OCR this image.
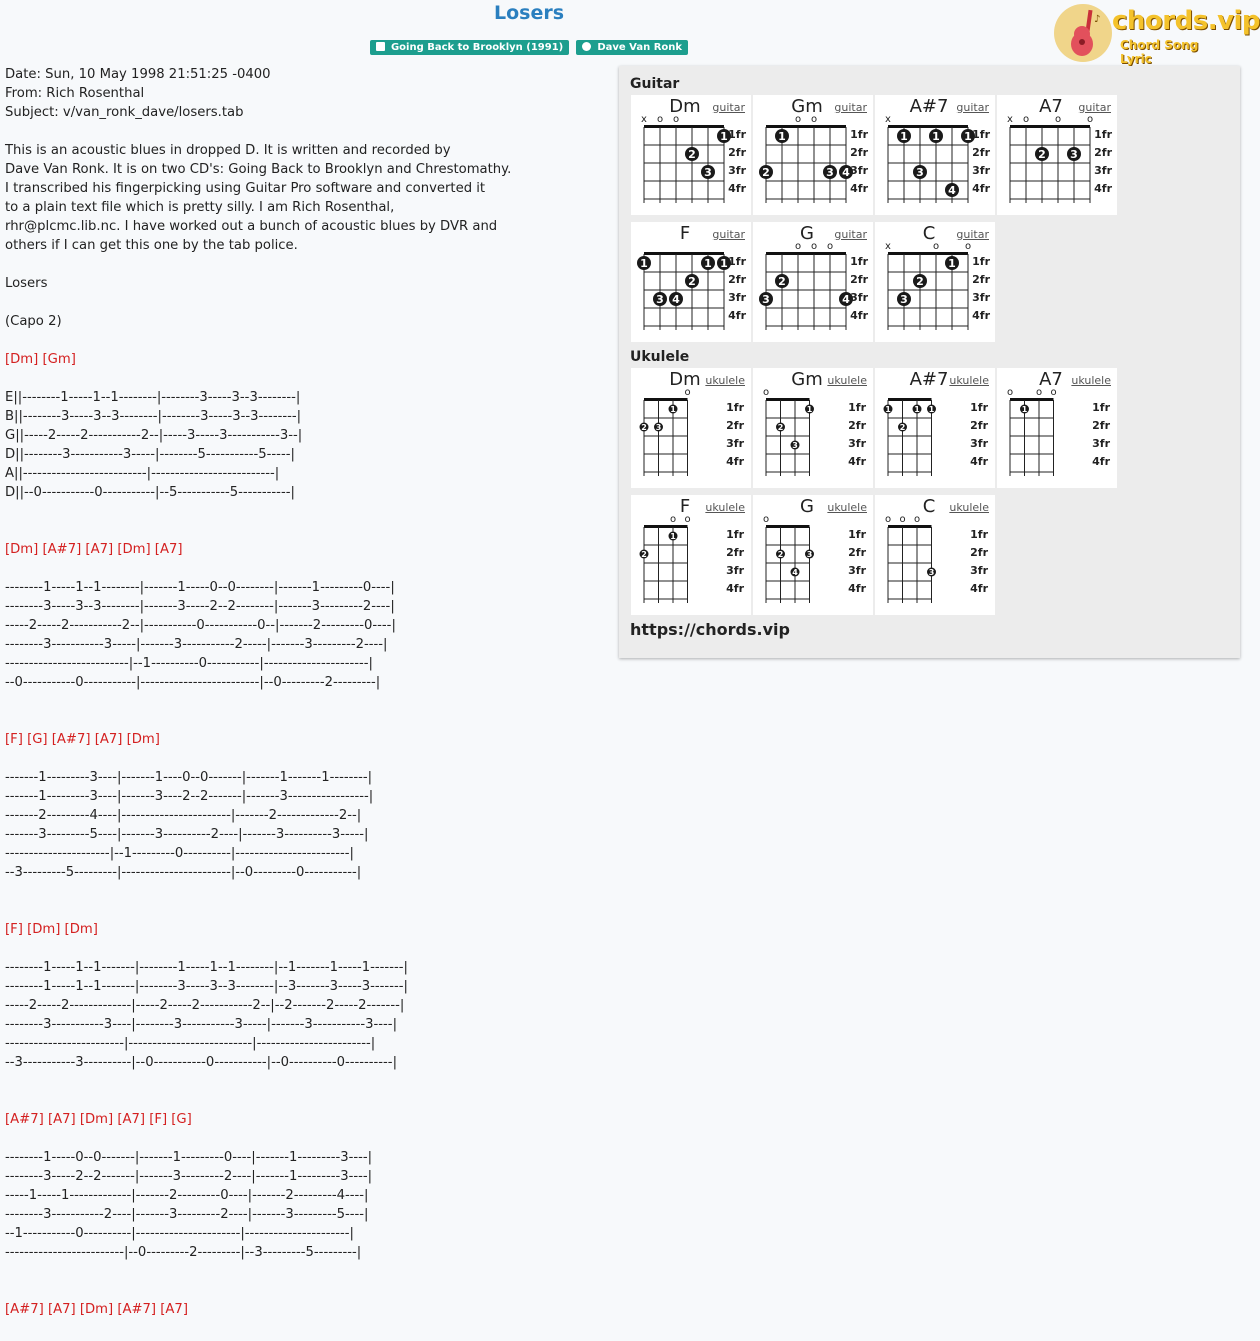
Losers
Going Back to Brooklyn (1991)	Dave Van Ronk
♪ chords.vip
Chord Song Lyric
Date: Sun, 10 May 1998 21:51:25 -0400
From: Rich Rosenthal
Subject: v/van_ronk_dave/losers.tab
This is an acoustic blues in dropped D. It is written and recorded by
Dave Van Ronk. It is on two CD's: Going Back to Brooklyn and Chrestomathy.
I transcribed his fingerpicking using Guitar Pro software and converted it
to a plain text file which is pretty silly. I am Rich Rosenthal,
rhr@plcmc.lib.nc. I have worked out a bunch of acoustic blues by DVR and
others if I can get this one by the tab police.
Losers
(Capo 2)
[Dm] [Gm]
E||--------1-----1--1--------|--------3-----3--3--------|
B||--------3-----3--3--------|--------3-----3--3--------|
G||-----2-----2-----------2--|-----3-----3-----------3--|
D||--------3-----------3-----|--------5-----------5-----|
A||--------------------------|--------------------------|
D||--0-----------0-----------|--5-----------5-----------|
[Dm] [A#7] [A7] [Dm] [A7]
--------1-----1--1--------|-------1-----0--0--------|-------1---------0----|
--------3-----3--3--------|-------3-----2--2--------|-------3---------2----|
-----2-----2-----------2--|-----------0-----------0--|-------2---------0----|
--------3-----------3-----|-------3-----------2-----|-------3---------2----|
--------------------------|--1----------0-----------|----------------------|
--0-----------0-----------|-------------------------|--0---------2---------|
[F] [G] [A#7] [A7] [Dm]
-------1---------3----|-------1----0--0-------|-------1-------1--------|
-------1---------3----|-------3----2--2-------|-------3-----------------|
-------2---------4----|-----------------------|-------2-------------2--|
-------3---------5----|-------3----------2----|-------3----------3-----|
----------------------|--1---------0----------|------------------------|
--3---------5---------|-----------------------|--0---------0-----------|
[F] [Dm] [Dm]
--------1-----1--1-------|--------1-----1--1--------|--1-------1-----1-------|
--------1-----1--1-------|--------3-----3--3--------|--3-------3-----3-------|
-----2-----2-------------|-----2-----2-----------2--|--2-------2-----2-------|
--------3-----------3----|--------3-----------3-----|-------3-----------3----|
-------------------------|--------------------------|------------------------|
--3-----------3----------|--0-----------0-----------|--0----------0----------|
[A#7] [A7] [Dm] [A7] [F] [G]
--------1-----0--0-------|-------1---------0----|-------1---------3----|
--------3-----2--2-------|-------3---------2----|-------1---------3----|
-----1-----1-------------|-------2---------0----|-------2---------4----|
--------3-----------2----|-------3---------2----|-------3---------5----|
--1-----------0----------|----------------------|----------------------|
-------------------------|--0---------2---------|--3---------5---------|
[A#7] [A7] [Dm] [A#7] [A7]
Guitar
Ukulele
x o o
1
2
3
1fr
2fr
3fr
4fr
Dm	guitar
o o
1
2	3 4
1fr
2fr
3fr
4fr
Gm	guitar
x
1 1 1
3
4
1fr
2fr
3fr
4fr
A#7 guitar
x o	o	o
2 3
1fr
2fr
3fr
4fr
A7	guitar
1	1 1
2
3 4
1fr
2fr
3fr
4fr
F	guitar
o o o
2
3	4
1fr
2fr
3fr
4fr
G	guitar
x	o	o
1
2
3
1fr
2fr
3fr
4fr
C	guitar
o
1
2 3
1fr
2fr
3fr
4fr
Dm ukulele
o
1
2
3
1fr
2fr
3fr
4fr
Gm ukulele
1	1 1
2
1fr
2fr
3fr
4fr
A#7 ukulele
o o o
1	1fr
2fr
3fr
4fr
A7 ukulele
o o
1
2
1fr
2fr
3fr
4fr
F	ukulele
o
2	3
4
1fr
2fr
3fr
4fr
G	ukulele
o o o
3
1fr
2fr
3fr
4fr
C	ukulele
https://chords.vip
